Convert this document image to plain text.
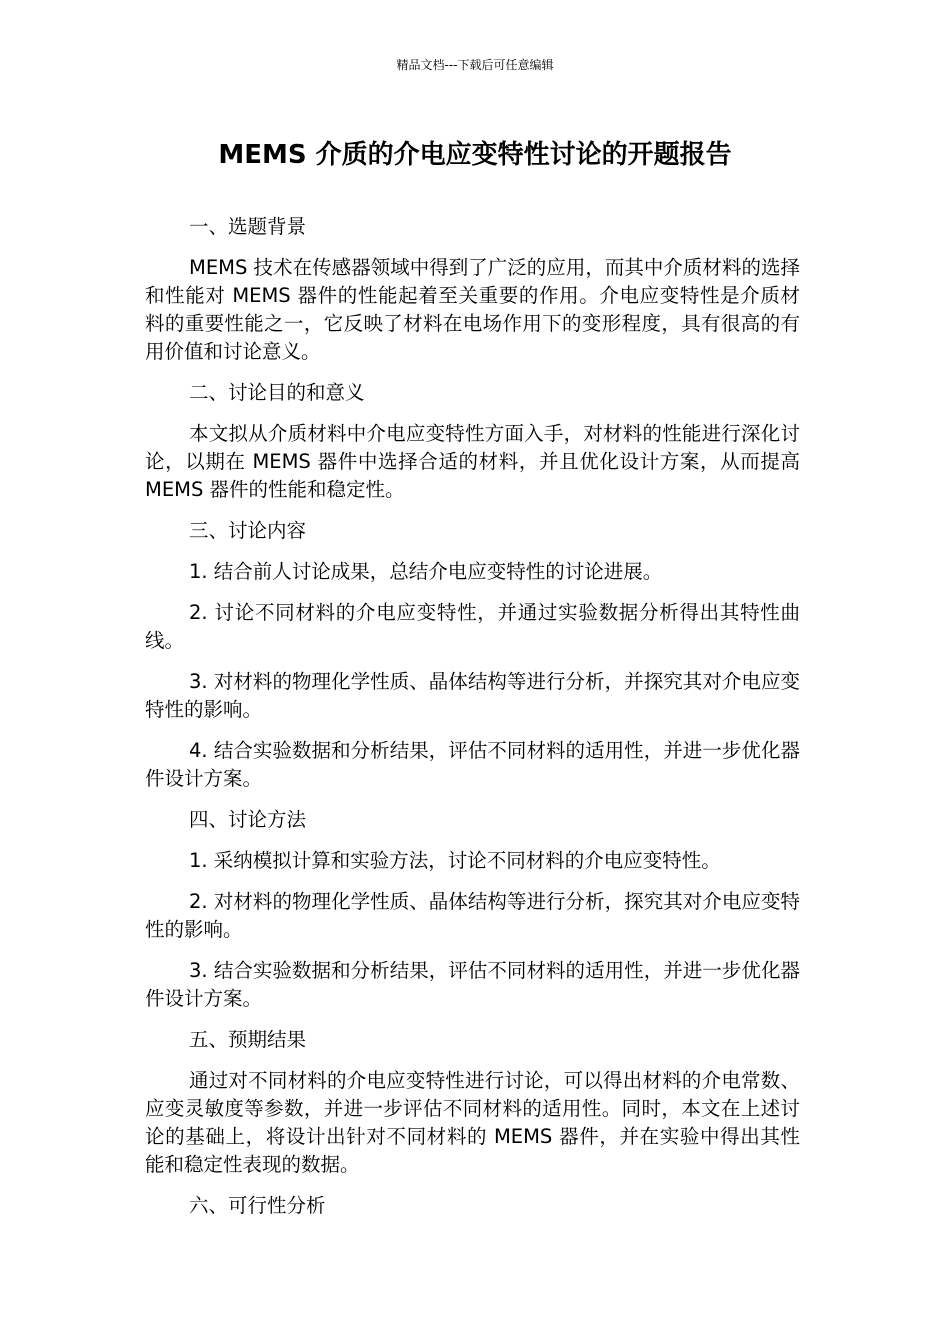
精品文档---下载后可任意编辑
MEMS 介质的介电应变特性讨论的开题报告

一、选题背景

MEMS 技术在传感器领域中得到了广泛的应用，而其中介质材料的选择和性能对 MEMS 器件的性能起着至关重要的作用。介电应变特性是介质材料的重要性能之一，它反映了材料在电场作用下的变形程度，具有很高的有用价值和讨论意义。

二、讨论目的和意义

本文拟从介质材料中介电应变特性方面入手，对材料的性能进行深化讨论，以期在 MEMS 器件中选择合适的材料，并且优化设计方案，从而提高 MEMS 器件的性能和稳定性。

三、讨论内容

1. 结合前人讨论成果，总结介电应变特性的讨论进展。

2. 讨论不同材料的介电应变特性，并通过实验数据分析得出其特性曲线。

3. 对材料的物理化学性质、晶体结构等进行分析，并探究其对介电应变特性的影响。

4. 结合实验数据和分析结果，评估不同材料的适用性，并进一步优化器件设计方案。

四、讨论方法

1. 采纳模拟计算和实验方法，讨论不同材料的介电应变特性。

2. 对材料的物理化学性质、晶体结构等进行分析，探究其对介电应变特性的影响。

3. 结合实验数据和分析结果，评估不同材料的适用性，并进一步优化器件设计方案。

五、预期结果

通过对不同材料的介电应变特性进行讨论，可以得出材料的介电常数、应变灵敏度等参数，并进一步评估不同材料的适用性。同时，本文在上述讨论的基础上，将设计出针对不同材料的 MEMS 器件，并在实验中得出其性能和稳定性表现的数据。

六、可行性分析
